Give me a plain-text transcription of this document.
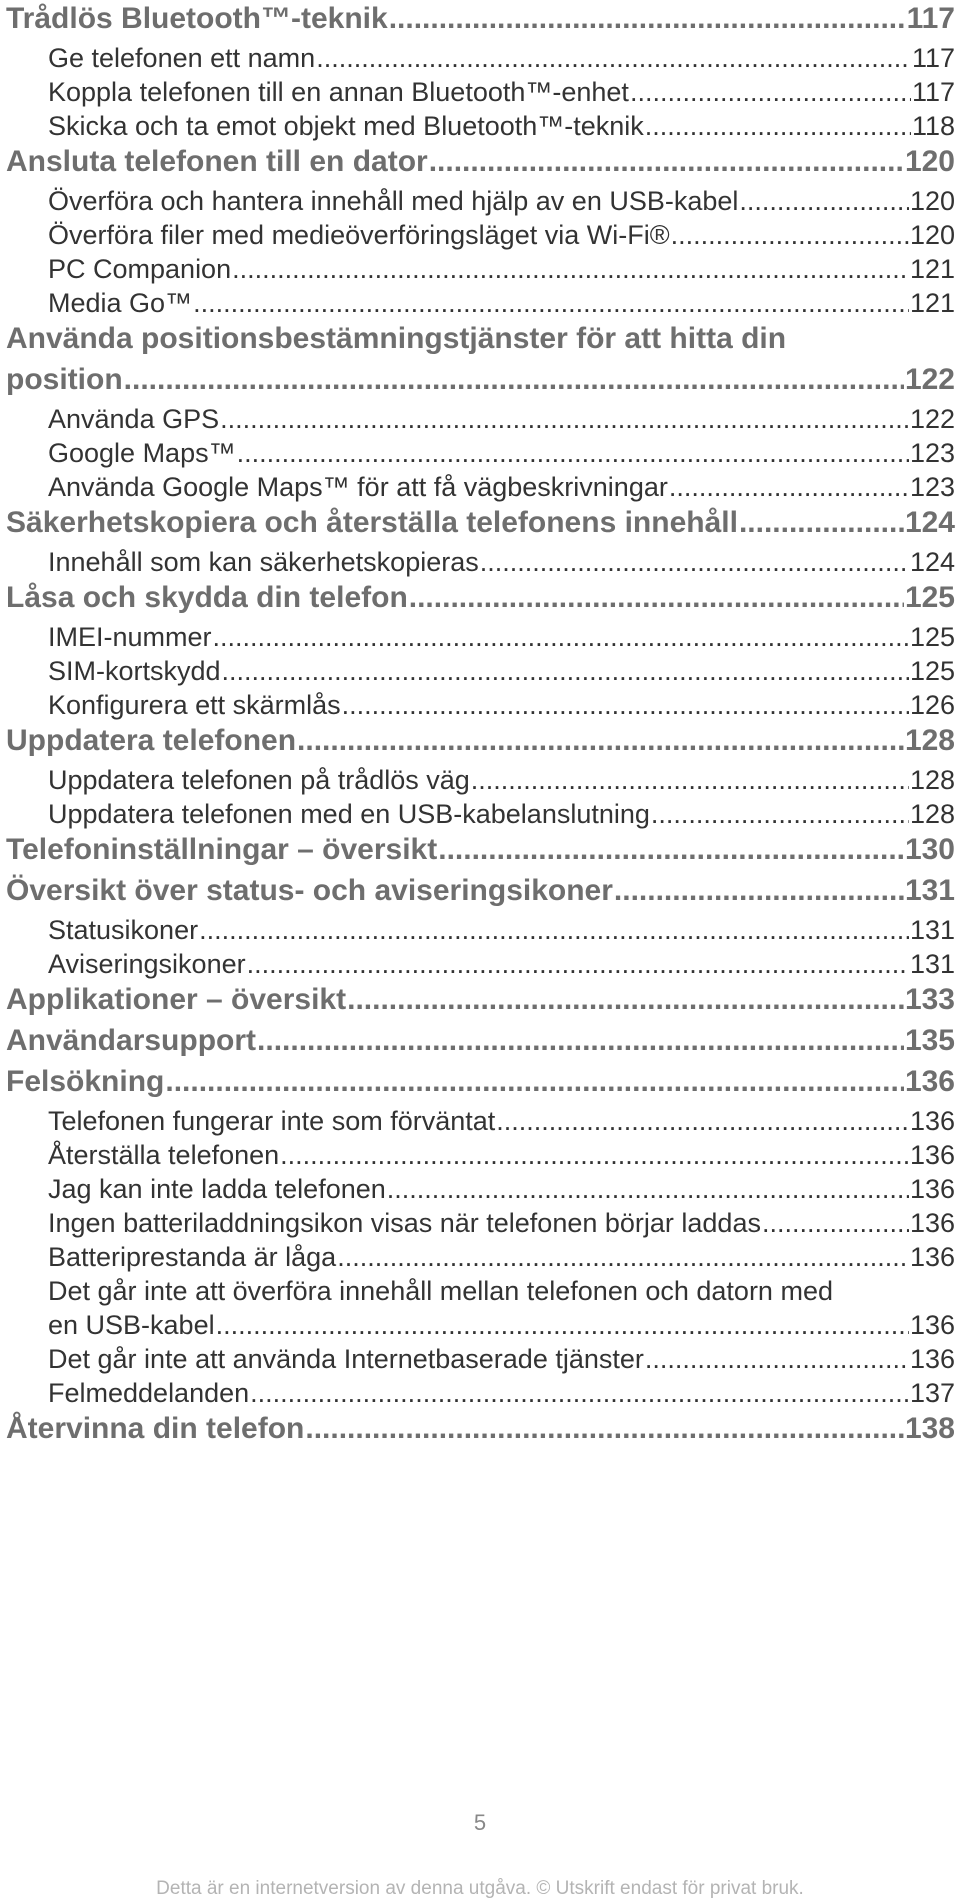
Trådlös Bluetooth™-teknik .....	117
Ge telefonen ett namn .....	117
Koppla telefonen till en annan Bluetooth™-enhet .....	117
Skicka och ta emot objekt med Bluetooth™-teknik .....	118
Ansluta telefonen till en dator .....	120
Överföra och hantera innehåll med hjälp av en USB-kabel .....	120
Överföra filer med medieöverföringsläget via Wi-Fi® .....	120
PC Companion .....	121
Media Go™ .....	121
Använda positionsbestämningstjänster för att hitta din
position .....	122
Använda GPS .....	122
Google Maps™ .....	123
Använda Google Maps™ för att få vägbeskrivningar .....	123
Säkerhetskopiera och återställa telefonens innehåll .....	124
Innehåll som kan säkerhetskopieras .....	124
Låsa och skydda din telefon .....	125
IMEI-nummer .....	125
SIM-kortskydd .....	125
Konfigurera ett skärmlås .....	126
Uppdatera telefonen .....	128
Uppdatera telefonen på trådlös väg .....	128
Uppdatera telefonen med en USB-kabelanslutning .....	128
Telefoninställningar – översikt .....	130
Översikt över status- och aviseringsikoner .....	131
Statusikoner .....	131
Aviseringsikoner .....	131
Applikationer – översikt .....	133
Användarsupport .....	135
Felsökning .....	136
Telefonen fungerar inte som förväntat .....	136
Återställa telefonen .....	136
Jag kan inte ladda telefonen .....	136
Ingen batteriladdningsikon visas när telefonen börjar laddas .....	136
Batteriprestanda är låga .....	136
Det går inte att överföra innehåll mellan telefonen och datorn med
en USB-kabel .....	136
Det går inte att använda Internetbaserade tjänster .....	136
Felmeddelanden .....	137
Återvinna din telefon .....	138
5
Detta är en internetversion av denna utgåva. © Utskrift endast för privat bruk.
